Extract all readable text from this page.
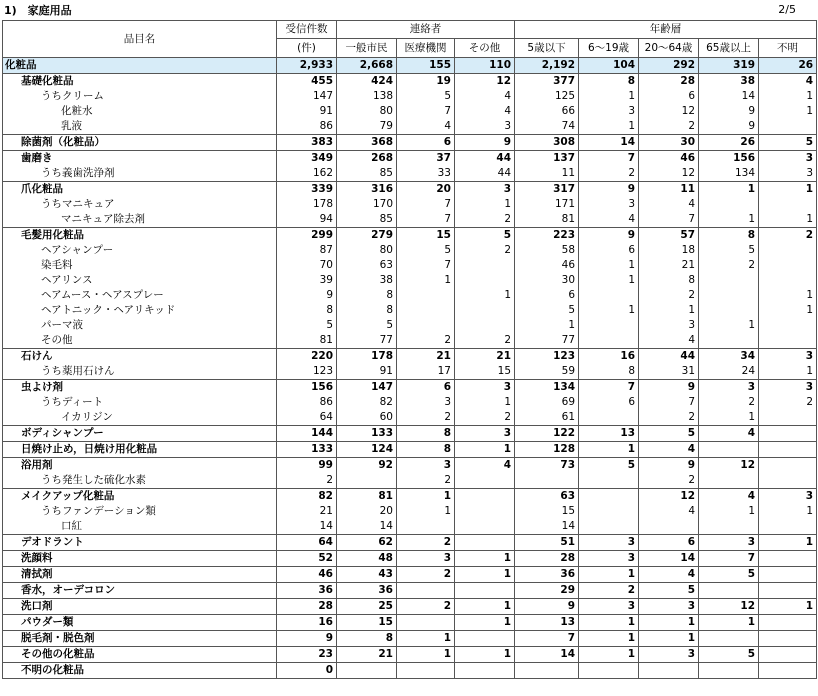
1)　家庭用品	2/5
品目名	受信件数	連絡者			年齢層				
	(件)	一般市民	医療機関	その他	5歳以下	6～19歳	20～64歳	65歳以上	不明
化粧品	2,933	2,668	155	110	2,192	104	292	319	26
基礎化粧品	455	424	19	12	377	8	28	38	4
うちクリーム	147	138	5	4	125	1	6	14	1
化粧水	91	80	7	4	66	3	12	9	1
乳液	86	79	4	3	74	1	2	9	
除菌剤（化粧品）	383	368	6	9	308	14	30	26	5
歯磨き	349	268	37	44	137	7	46	156	3
うち義歯洗浄剤	162	85	33	44	11	2	12	134	3
爪化粧品	339	316	20	3	317	9	11	1	1
うちマニキュア	178	170	7	1	171	3	4		
マニキュア除去剤	94	85	7	2	81	4	7	1	1
毛髪用化粧品	299	279	15	5	223	9	57	8	2
ヘアシャンプー	87	80	5	2	58	6	18	5	
染毛料	70	63	7		46	1	21	2	
ヘアリンス	39	38	1		30	1	8		
ヘアムース・ヘアスプレー	9	8		1	6		2		1
ヘアトニック・ヘアリキッド	8	8			5	1	1		1
パーマ液	5	5			1		3	1	
その他	81	77	2	2	77		4		
石けん	220	178	21	21	123	16	44	34	3
うち薬用石けん	123	91	17	15	59	8	31	24	1
虫よけ剤	156	147	6	3	134	7	9	3	3
うちディート	86	82	3	1	69	6	7	2	2
イカリジン	64	60	2	2	61		2	1	
ボディシャンプー	144	133	8	3	122	13	5	4	
日焼け止め，日焼け用化粧品	133	124	8	1	128	1	4		
浴用剤	99	92	3	4	73	5	9	12	
うち発生した硫化水素	2		2				2		
メイクアップ化粧品	82	81	1		63		12	4	3
うちファンデーション類	21	20	1		15		4	1	1
口紅	14	14			14				
デオドラント	64	62	2		51	3	6	3	1
洗顔料	52	48	3	1	28	3	14	7	
清拭剤	46	43	2	1	36	1	4	5	
香水，オーデコロン	36	36			29	2	5		
洗口剤	28	25	2	1	9	3	3	12	1
パウダー類	16	15		1	13	1	1	1	
脱毛剤・脱色剤	9	8	1		7	1	1		
その他の化粧品	23	21	1	1	14	1	3	5	
不明の化粧品	0								
